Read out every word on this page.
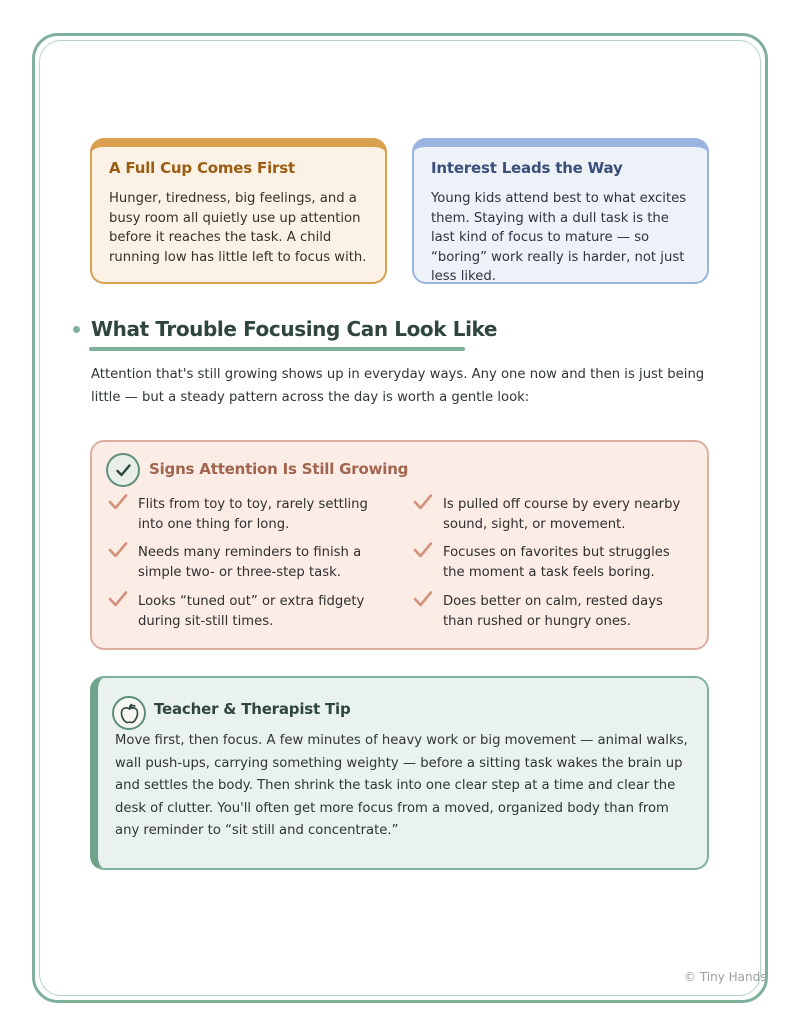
A Full Cup Comes First
Hunger, tiredness, big feelings, and a busy room all quietly use up attention before it reaches the task. A child running low has little left to focus with.
Interest Leads the Way
Young kids attend best to what excites them. Staying with a dull task is the last kind of focus to mature — so “boring” work really is harder, not just less liked.
What Trouble Focusing Can Look Like
Attention that's still growing shows up in everyday ways. Any one now and then is just being little — but a steady pattern across the day is worth a gentle look:
Signs Attention Is Still Growing
Flits from toy to toy, rarely settling into one thing for long.
Is pulled off course by every nearby sound, sight, or movement.
Needs many reminders to finish a simple two- or three-step task.
Focuses on favorites but struggles the moment a task feels boring.
Looks “tuned out” or extra fidgety during sit-still times.
Does better on calm, rested days than rushed or hungry ones.
Teacher & Therapist Tip
Move first, then focus. A few minutes of heavy work or big movement — animal walks, wall push-ups, carrying something weighty — before a sitting task wakes the brain up and settles the body. Then shrink the task into one clear step at a time and clear the desk of clutter. You'll often get more focus from a moved, organized body than from any reminder to “sit still and concentrate.”
© Tiny Hands
